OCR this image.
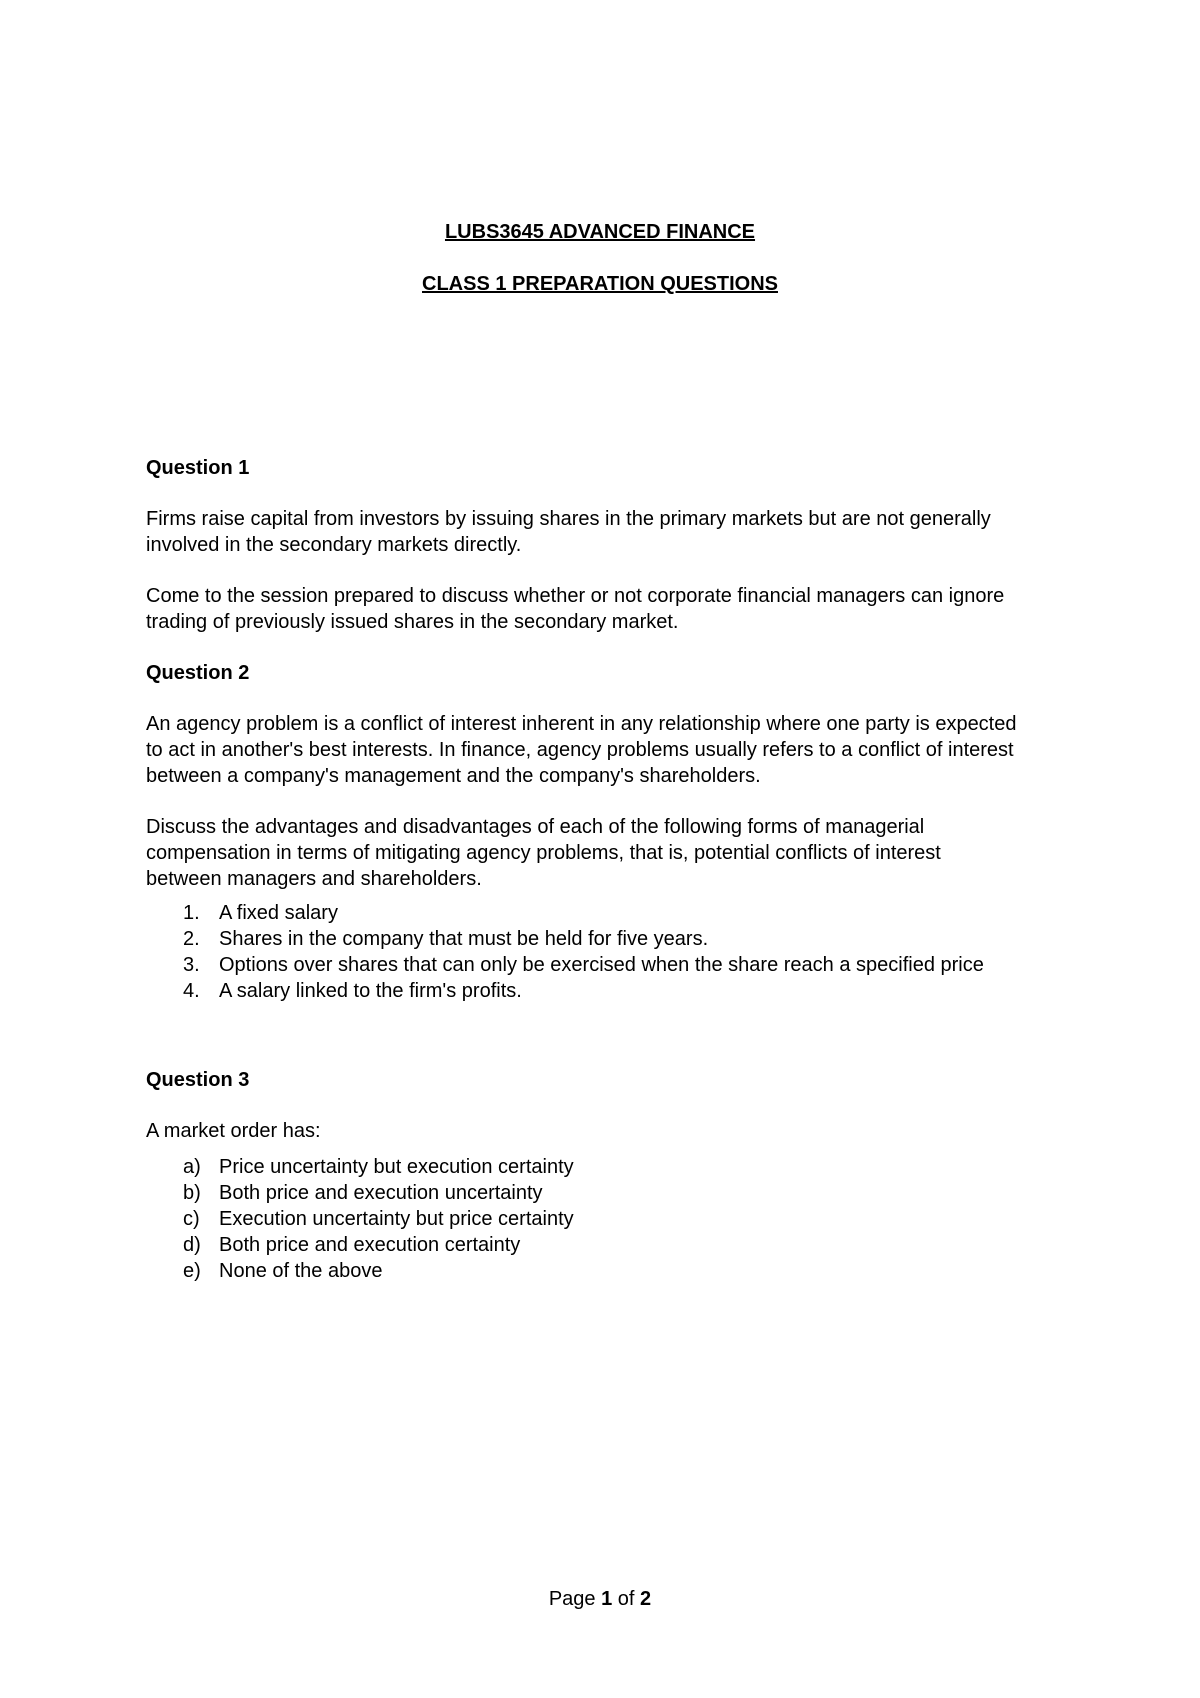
LUBS3645 ADVANCED FINANCE
CLASS 1 PREPARATION QUESTIONS

Question 1

Firms raise capital from investors by issuing shares in the primary markets but are not generally involved in the secondary markets directly.

Come to the session prepared to discuss whether or not corporate financial managers can ignore trading of previously issued shares in the secondary market.

Question 2

An agency problem is a conflict of interest inherent in any relationship where one party is expected to act in another's best interests. In finance, agency problems usually refers to a conflict of interest between a company's management and the company's shareholders.

Discuss the advantages and disadvantages of each of the following forms of managerial compensation in terms of mitigating agency problems, that is, potential conflicts of interest between managers and shareholders.

1. A fixed salary
2. Shares in the company that must be held for five years.
3. Options over shares that can only be exercised when the share reach a specified price
4. A salary linked to the firm's profits.

Question 3

A market order has:

a) Price uncertainty but execution certainty
b) Both price and execution uncertainty
c) Execution uncertainty but price certainty
d) Both price and execution certainty
e) None of the above
Page 1 of 2
